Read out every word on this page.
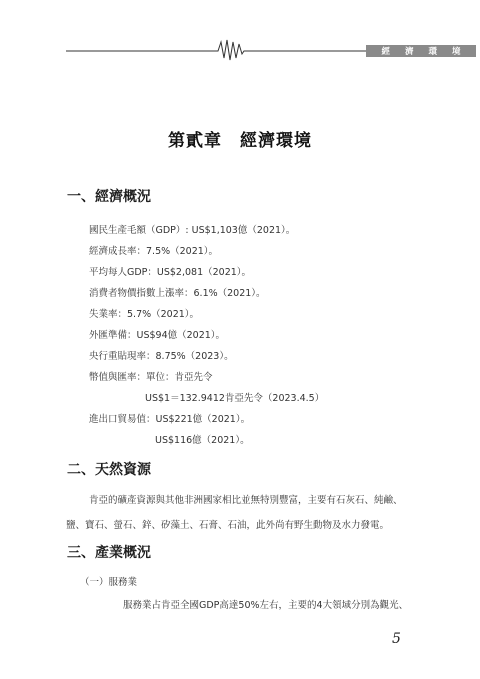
經 濟 環 境
第貳章　經濟環境
一、經濟概況
國民生產毛額（GDP）: US$1,103億（2021）。
經濟成長率：7.5%（2021）。
平均每人GDP：US$2,081（2021）。
消費者物價指數上漲率：6.1%（2021）。
失業率：5.7%（2021）。
外匯準備：US$94億（2021）。
央行重貼現率：8.75%（2023）。
幣值與匯率：單位：肯亞先令
US$1＝132.9412肯亞先令（2023.4.5）
進出口貿易值：US$221億（2021）。
US$116億（2021）。
二、天然資源
肯亞的礦產資源與其他非洲國家相比並無特別豐富，主要有石灰石、純鹼、
鹽、寶石、螢石、鋅、矽藻土、石膏、石油，此外尚有野生動物及水力發電。
三、產業概況
（一）服務業
服務業占肯亞全國GDP高達50%左右，主要的4大領域分別為觀光、
5
